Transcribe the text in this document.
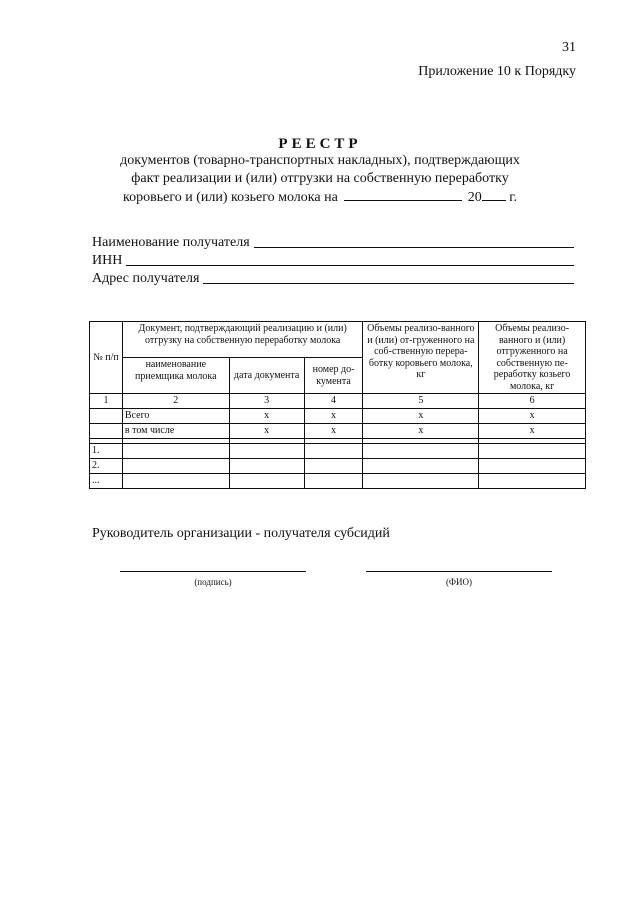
31
Приложение 10 к Порядку
РЕЕСТР
документов (товарно-транспортных накладных), подтверждающих
факт реализации и (или) отгрузки на собственную переработку
коровьего и (или) козьего молока на	20 г.
Наименование получателя
ИНН
Адрес получателя
№ п/п	Документ, подтверждающий реализацию и (или) отгрузку на собственную переработку молока			Объемы реализо-ванного и (или) от-груженного на соб-ственную перера-ботку коровьего молока, кг	Объемы реализо-ванного и (или) отгруженного на собственную пе-реработку козьего молока, кг
	наименование приемщика молока	дата документа	номер до-кумента		
1	2	3	4	5	6
	Всего	х	х	х	х
	в том числе	х	х	х	х

1.					
2.					
...					
Руководитель организации - получателя субсидий
(подпись)	(ФИО)
